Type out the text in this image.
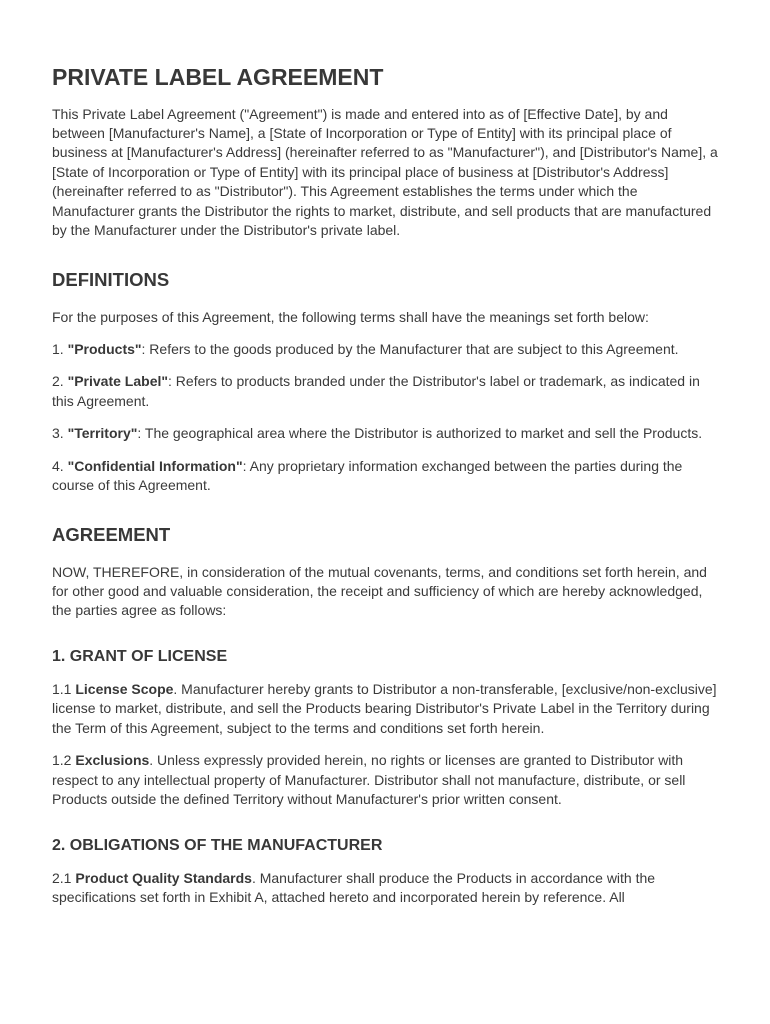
PRIVATE LABEL AGREEMENT

This Private Label Agreement ("Agreement") is made and entered into as of [Effective Date], by and between [Manufacturer's Name], a [State of Incorporation or Type of Entity] with its principal place of business at [Manufacturer's Address] (hereinafter referred to as "Manufacturer"), and [Distributor's Name], a [State of Incorporation or Type of Entity] with its principal place of business at [Distributor's Address] (hereinafter referred to as "Distributor"). This Agreement establishes the terms under which the Manufacturer grants the Distributor the rights to market, distribute, and sell products that are manufactured by the Manufacturer under the Distributor's private label.

DEFINITIONS

For the purposes of this Agreement, the following terms shall have the meanings set forth below:

1. "Products": Refers to the goods produced by the Manufacturer that are subject to this Agreement.

2. "Private Label": Refers to products branded under the Distributor's label or trademark, as indicated in this Agreement.

3. "Territory": The geographical area where the Distributor is authorized to market and sell the Products.

4. "Confidential Information": Any proprietary information exchanged between the parties during the course of this Agreement.

AGREEMENT

NOW, THEREFORE, in consideration of the mutual covenants, terms, and conditions set forth herein, and for other good and valuable consideration, the receipt and sufficiency of which are hereby acknowledged, the parties agree as follows:

1. GRANT OF LICENSE

1.1 License Scope. Manufacturer hereby grants to Distributor a non-transferable, [exclusive/non-exclusive] license to market, distribute, and sell the Products bearing Distributor's Private Label in the Territory during the Term of this Agreement, subject to the terms and conditions set forth herein.

1.2 Exclusions. Unless expressly provided herein, no rights or licenses are granted to Distributor with respect to any intellectual property of Manufacturer. Distributor shall not manufacture, distribute, or sell Products outside the defined Territory without Manufacturer's prior written consent.

2. OBLIGATIONS OF THE MANUFACTURER

2.1 Product Quality Standards. Manufacturer shall produce the Products in accordance with the specifications set forth in Exhibit A, attached hereto and incorporated herein by reference. All
